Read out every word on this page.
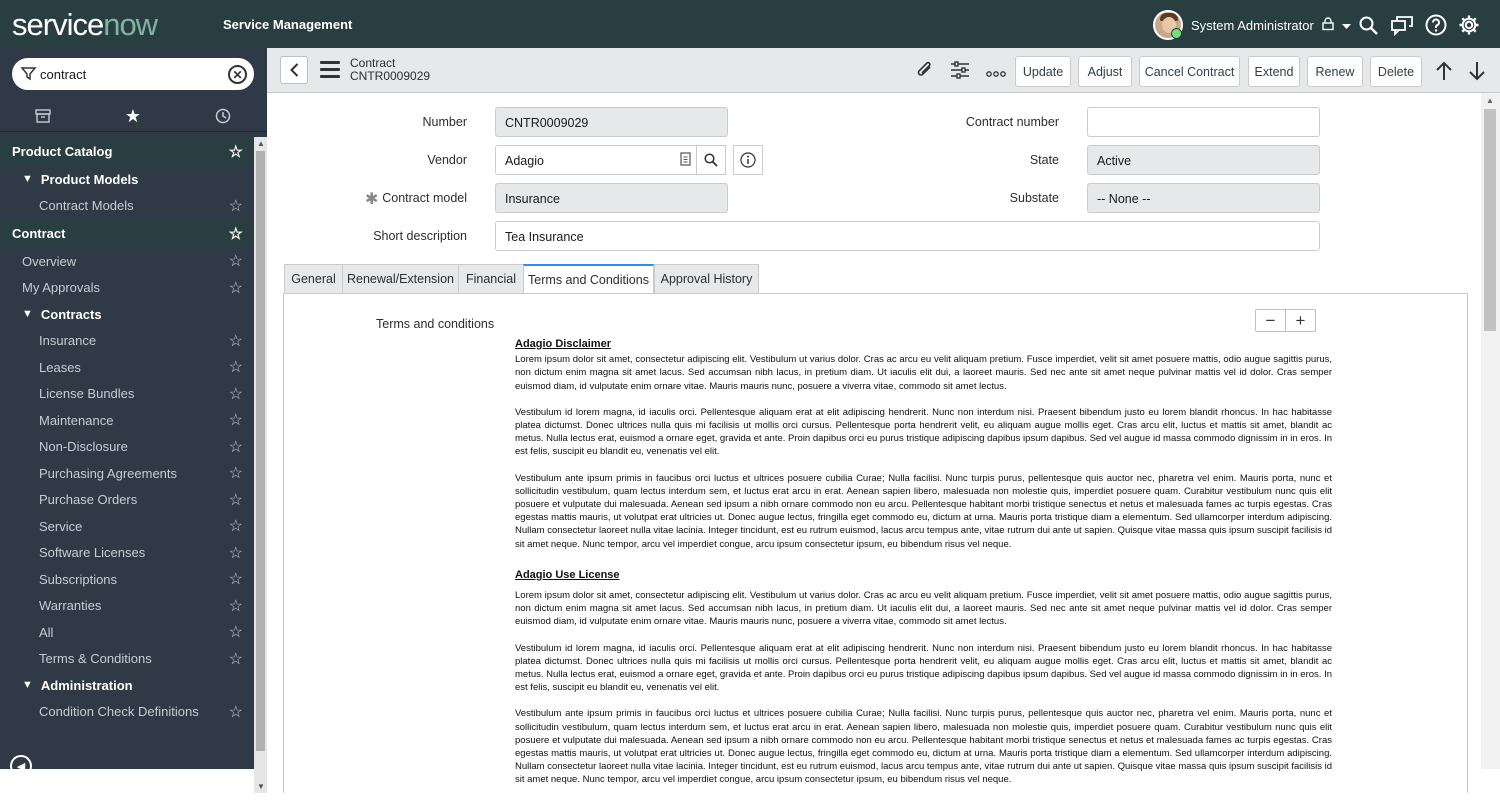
servicenow	Service Management	System Administrator
contract	✕
★
Product Catalog	☆
▼ Product Models
Contract Models	☆
Contract	☆
Overview	☆
My Approvals	☆
▼ Contracts
Insurance	☆
Leases	☆
License Bundles	☆
Maintenance	☆
Non-Disclosure	☆
Purchasing Agreements	☆
Purchase Orders	☆
Service	☆
Software Licenses	☆
Subscriptions	☆
Warranties	☆
All	☆
Terms & Conditions	☆
▼ Administration
Condition Check Definitions ☆
▲
▼
◀
Contract
CNTR0009029	Update	Adjust	Cancel Contract	Extend	Renew	Delete
Number	CNTR0009029
Vendor	Adagio
✱ Contract model	Insurance
Short description	Tea Insurance
Contract number
State	Active
Substate	-- None --
General Renewal/Extension Financial Terms and Conditions Approval History
Terms and conditions	−	+
Adagio Disclaimer

Lorem ipsum dolor sit amet, consectetur adipiscing elit. Vestibulum ut varius dolor. Cras ac arcu eu velit aliquam pretium. Fusce imperdiet, velit sit amet posuere mattis, odio augue sagittis purus, non dictum enim magna sit amet lacus. Sed accumsan nibh lacus, in pretium diam. Ut iaculis elit dui, a laoreet mauris. Sed nec ante sit amet neque pulvinar mattis vel id dolor. Cras semper euismod diam, id vulputate enim ornare vitae. Mauris mauris nunc, posuere a viverra vitae, commodo sit amet lectus.

Vestibulum id lorem magna, id iaculis orci. Pellentesque aliquam erat at elit adipiscing hendrerit. Nunc non interdum nisi. Praesent bibendum justo eu lorem blandit rhoncus. In hac habitasse platea dictumst. Donec ultrices nulla quis mi facilisis ut mollis orci cursus. Pellentesque porta hendrerit velit, eu aliquam augue mollis eget. Cras arcu elit, luctus et mattis sit amet, blandit ac metus. Nulla lectus erat, euismod a ornare eget, gravida et ante. Proin dapibus orci eu purus tristique adipiscing dapibus ipsum dapibus. Sed vel augue id massa commodo dignissim in in eros. In est felis, suscipit eu blandit eu, venenatis vel elit.

Vestibulum ante ipsum primis in faucibus orci luctus et ultrices posuere cubilia Curae; Nulla facilisi. Nunc turpis purus, pellentesque quis auctor nec, pharetra vel enim. Mauris porta, nunc et sollicitudin vestibulum, quam lectus interdum sem, et luctus erat arcu in erat. Aenean sapien libero, malesuada non molestie quis, imperdiet posuere quam. Curabitur vestibulum nunc quis elit posuere et vulputate dui malesuada. Aenean sed ipsum a nibh ornare commodo non eu arcu. Pellentesque habitant morbi tristique senectus et netus et malesuada fames ac turpis egestas. Cras egestas mattis mauris, ut volutpat erat ultricies ut. Donec augue lectus, fringilla eget commodo eu, dictum at urna. Mauris porta tristique diam a elementum. Sed ullamcorper interdum adipiscing. Nullam consectetur laoreet nulla vitae lacinia. Integer tincidunt, est eu rutrum euismod, lacus arcu tempus ante, vitae rutrum dui ante ut sapien. Quisque vitae massa quis ipsum suscipit facilisis id sit amet neque. Nunc tempor, arcu vel imperdiet congue, arcu ipsum consectetur ipsum, eu bibendum risus vel neque.

Adagio Use License

Lorem ipsum dolor sit amet, consectetur adipiscing elit. Vestibulum ut varius dolor. Cras ac arcu eu velit aliquam pretium. Fusce imperdiet, velit sit amet posuere mattis, odio augue sagittis purus, non dictum enim magna sit amet lacus. Sed accumsan nibh lacus, in pretium diam. Ut iaculis elit dui, a laoreet mauris. Sed nec ante sit amet neque pulvinar mattis vel id dolor. Cras semper euismod diam, id vulputate enim ornare vitae. Mauris mauris nunc, posuere a viverra vitae, commodo sit amet lectus.

Vestibulum id lorem magna, id iaculis orci. Pellentesque aliquam erat at elit adipiscing hendrerit. Nunc non interdum nisi. Praesent bibendum justo eu lorem blandit rhoncus. In hac habitasse platea dictumst. Donec ultrices nulla quis mi facilisis ut mollis orci cursus. Pellentesque porta hendrerit velit, eu aliquam augue mollis eget. Cras arcu elit, luctus et mattis sit amet, blandit ac metus. Nulla lectus erat, euismod a ornare eget, gravida et ante. Proin dapibus orci eu purus tristique adipiscing dapibus ipsum dapibus. Sed vel augue id massa commodo dignissim in in eros. In est felis, suscipit eu blandit eu, venenatis vel elit.

Vestibulum ante ipsum primis in faucibus orci luctus et ultrices posuere cubilia Curae; Nulla facilisi. Nunc turpis purus, pellentesque quis auctor nec, pharetra vel enim. Mauris porta, nunc et sollicitudin vestibulum, quam lectus interdum sem, et luctus erat arcu in erat. Aenean sapien libero, malesuada non molestie quis, imperdiet posuere quam. Curabitur vestibulum nunc quis elit posuere et vulputate dui malesuada. Aenean sed ipsum a nibh ornare commodo non eu arcu. Pellentesque habitant morbi tristique senectus et netus et malesuada fames ac turpis egestas. Cras egestas mattis mauris, ut volutpat erat ultricies ut. Donec augue lectus, fringilla eget commodo eu, dictum at urna. Mauris porta tristique diam a elementum. Sed ullamcorper interdum adipiscing. Nullam consectetur laoreet nulla vitae lacinia. Integer tincidunt, est eu rutrum euismod, lacus arcu tempus ante, vitae rutrum dui ante ut sapien. Quisque vitae massa quis ipsum suscipit facilisis id sit amet neque. Nunc tempor, arcu vel imperdiet congue, arcu ipsum consectetur ipsum, eu bibendum risus vel neque.

▲
